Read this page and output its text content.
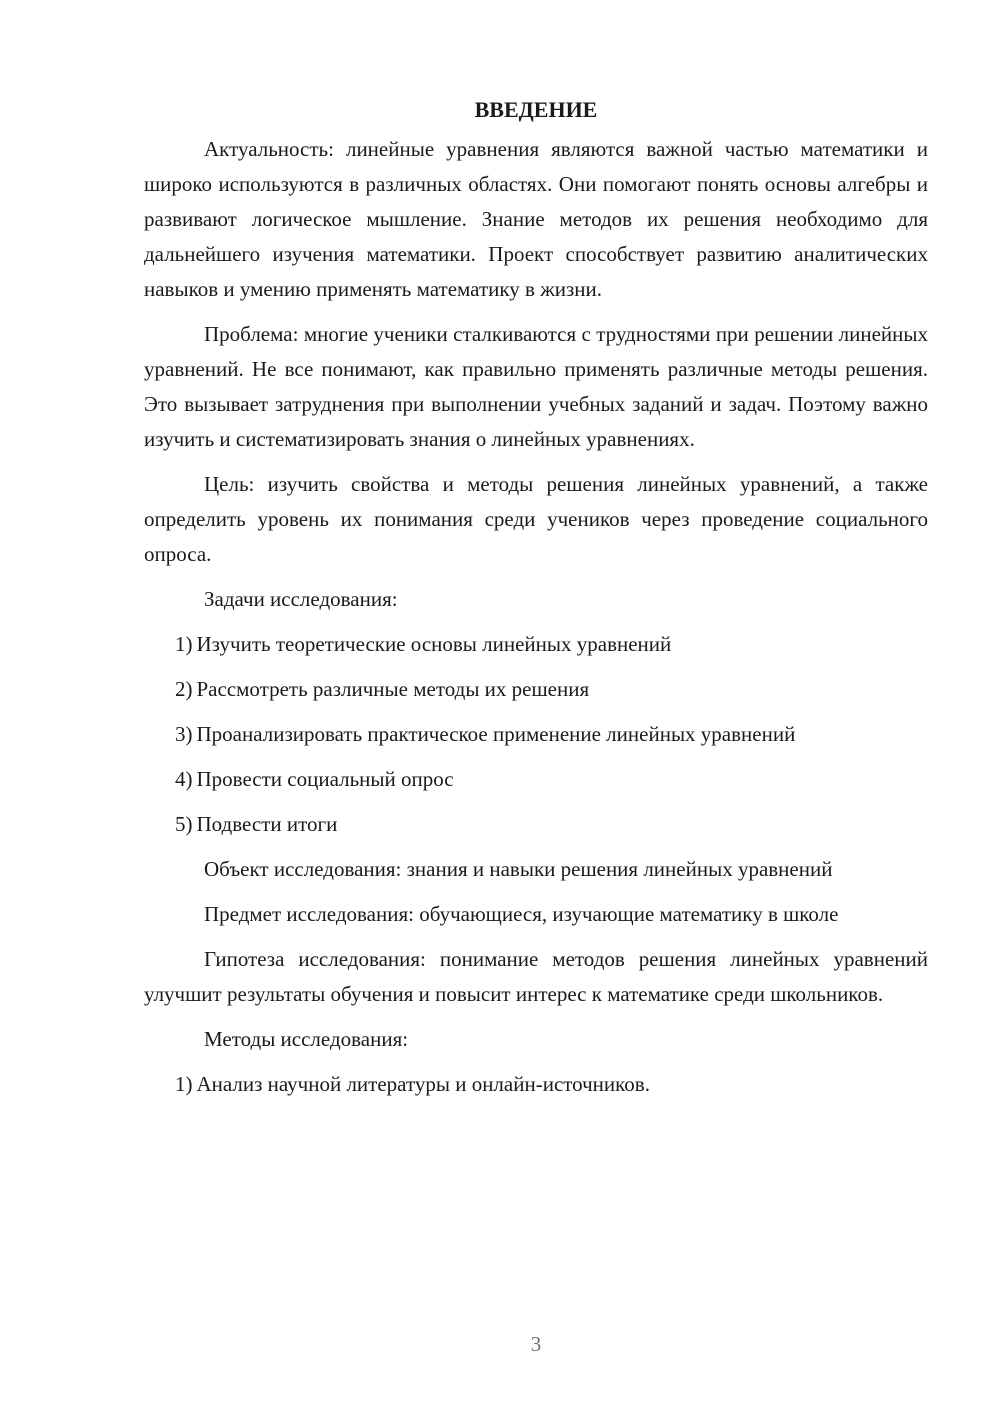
ВВЕДЕНИЕ

Актуальность: линейные уравнения являются важной частью математики и широко используются в различных областях. Они помогают понять основы алгебры и развивают логическое мышление. Знание методов их решения необходимо для дальнейшего изучения математики. Проект способствует развитию аналитических навыков и умению применять математику в жизни.

Проблема: многие ученики сталкиваются с трудностями при решении линейных уравнений. Не все понимают, как правильно применять различные методы решения. Это вызывает затруднения при выполнении учебных заданий и задач. Поэтому важно изучить и систематизировать знания о линейных уравнениях.

Цель: изучить свойства и методы решения линейных уравнений, а также определить уровень их понимания среди учеников через проведение социального опроса.

Задачи исследования:

1) Изучить теоретические основы линейных уравнений
2) Рассмотреть различные методы их решения
3) Проанализировать практическое применение линейных уравнений
4) Провести социальный опрос
5) Подвести итоги

Объект исследования: знания и навыки решения линейных уравнений

Предмет исследования: обучающиеся, изучающие математику в школе

Гипотеза исследования: понимание методов решения линейных уравнений улучшит результаты обучения и повысит интерес к математике среди школьников.

Методы исследования:

1) Анализ научной литературы и онлайн-источников.
3
